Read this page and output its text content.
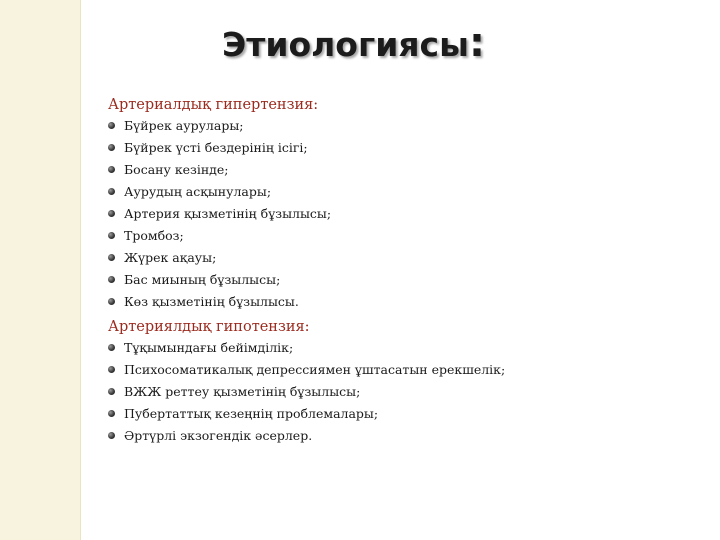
Этиологиясы:
Артериалдық гипертензия:
Бүйрек аурулары;
Бүйрек үсті бездерінің ісігі;
Босану кезінде;
Аурудың асқынулары;
Артерия қызметінің бұзылысы;
Тромбоз;
Жүрек ақауы;
Бас миының бұзылысы;
Көз қызметінің бұзылысы.
Артериялдық гипотензия:
Тұқымындағы бейімділік;
Психосоматикалық депрессиямен ұштасатын ерекшелік;
ВЖЖ реттеу қызметінің бұзылысы;
Пубертаттық кезеңнің проблемалары;
Әртүрлі экзогендік әсерлер.
